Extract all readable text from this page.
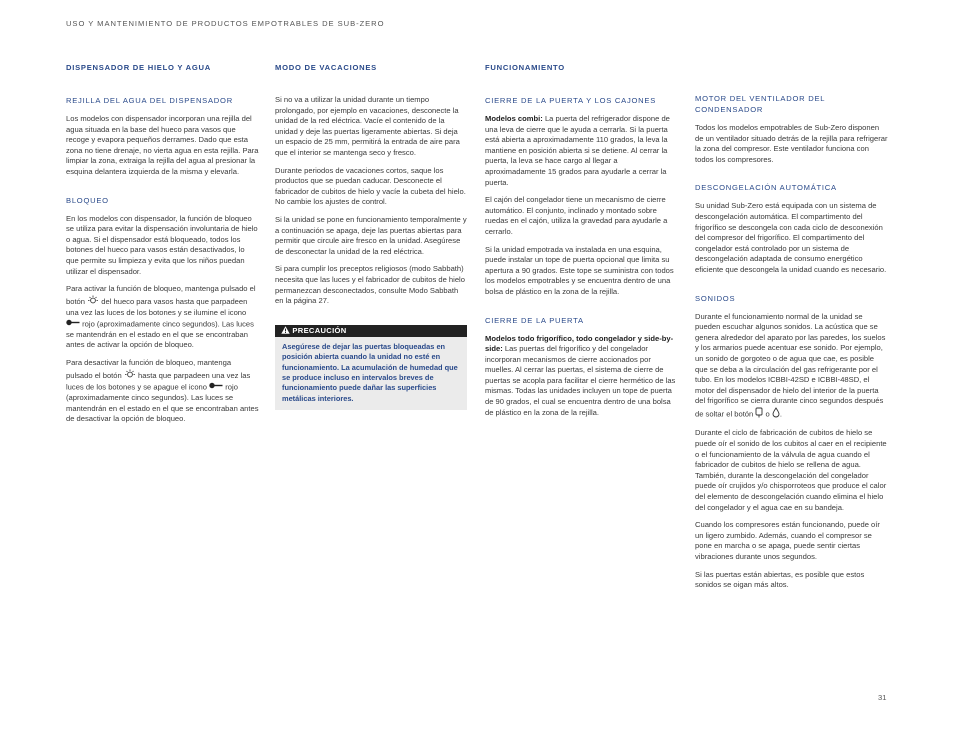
USO Y MANTENIMIENTO DE PRODUCTOS EMPOTRABLES DE SUB-ZERO
DISPENSADOR DE HIELO Y AGUA
REJILLA DEL AGUA DEL DISPENSADOR

Los modelos con dispensador incorporan una rejilla del agua situada en la base del hueco para vasos que recoge y evapora pequeños derrames. Dado que esta zona no tiene drenaje, no vierta agua en esta rejilla. Para limpiar la zona, extraiga la rejilla del agua al presionar la esquina delantera izquierda de la misma y elevarla.

BLOQUEO

En los modelos con dispensador, la función de bloqueo se utiliza para evitar la dispensación involuntaria de hielo o agua. Si el dispensador está bloqueado, todos los botones del hueco para vasos están desactivados, lo que permite su limpieza y evita que los niños puedan utilizar el dispensador.

Para activar la función de bloqueo, mantenga pulsado el botón del hueco para vasos hasta que parpadeen una vez las luces de los botones y se ilumine el icono  rojo (aproximadamente cinco segundos). Las luces se mantendrán en el estado en el que se encontraban antes de activar la opción de bloqueo.

Para desactivar la función de bloqueo, mantenga pulsado el botón hasta que parpadeen una vez las luces de los botones y se apague el icono rojo (aproximadamente cinco segundos). Las luces se mantendrán en el estado en el que se encontraban antes de desactivar la opción de bloqueo.

MODO DE VACACIONES

Si no va a utilizar la unidad durante un tiempo prolongado, por ejemplo en vacaciones, desconecte la unidad de la red eléctrica. Vacíe el contenido de la unidad y deje las puertas ligeramente abiertas. Si deja un espacio de 25 mm, permitirá la entrada de aire para que el interior se mantenga seco y fresco.

Durante periodos de vacaciones cortos, saque los productos que se puedan caducar. Desconecte el fabricador de cubitos de hielo y vacíe la cubeta del hielo. No cambie los ajustes de control.

Si la unidad se pone en funcionamiento temporalmente y a continuación se apaga, deje las puertas abiertas para permitir que circule aire fresco en la unidad. Asegúrese de desconectar la unidad de la red eléctrica.

Si para cumplir los preceptos religiosos (modo Sabbath) necesita que las luces y el fabricador de cubitos de hielo permanezcan desconectados, consulte Modo Sabbath en la página 27.

PRECAUCIÓN
Asegúrese de dejar las puertas bloqueadas en posición abierta cuando la unidad no esté en funcionamiento. La acumulación de humedad que se produce incluso en intervalos breves de funcionamiento puede dañar las superficies metálicas interiores.
FUNCIONAMIENTO
CIERRE DE LA PUERTA Y LOS CAJONES

Modelos combi: La puerta del refrigerador dispone de una leva de cierre que le ayuda a cerrarla. Si la puerta está abierta a aproximadamente 110 grados, la leva la mantiene en posición abierta si se detiene. Al cerrar la puerta, la leva se hace cargo al llegar a aproximadamente 15 grados para ayudarle a cerrar la puerta.

El cajón del congelador tiene un mecanismo de cierre automático. El conjunto, inclinado y montado sobre ruedas en el cajón, utiliza la gravedad para ayudarle a cerrarlo.

Si la unidad empotrada va instalada en una esquina, puede instalar un tope de puerta opcional que limita su apertura a 90 grados. Este tope se suministra con todos los modelos empotrables y se encuentra dentro de una bolsa de plástico en la zona de la rejilla.

CIERRE DE LA PUERTA

Modelos todo frigorífico, todo congelador y side-by-side: Las puertas del frigorífico y del congelador incorporan mecanismos de cierre accionados por muelles. Al cerrar las puertas, el sistema de cierre de puertas se acopla para facilitar el cierre hermético de las mismas. Todas las unidades incluyen un tope de puerta de 90 grados, el cual se encuentra dentro de una bolsa de plástico en la zona de la rejilla.

MOTOR DEL VENTILADOR DEL CONDENSADOR

Todos los modelos empotrables de Sub-Zero disponen de un ventilador situado detrás de la rejilla para refrigerar la zona del compresor. Este ventilador funciona con todos los compresores.

DESCONGELACIÓN AUTOMÁTICA

Su unidad Sub-Zero está equipada con un sistema de descongelación automática. El compartimento del frigorífico se descongela con cada ciclo de desconexión del compresor del frigorífico. El compartimento del congelador está controlado por un sistema de descongelación adaptada de consumo energético eficiente que descongela la unidad cuando es necesario.

SONIDOS

Durante el funcionamiento normal de la unidad se pueden escuchar algunos sonidos. La acústica que se genera alrededor del aparato por las paredes, los suelos y los armarios puede acentuar ese sonido. Por ejemplo, un sonido de gorgoteo o de agua que cae, es posible que se deba a la circulación del gas refrigerante por el tubo. En los modelos ICBBI-42SD e ICBBI-48SD, el motor del dispensador de hielo del interior de la puerta del frigorífico se cierra durante cinco segundos después de soltar el botón o .

Durante el ciclo de fabricación de cubitos de hielo se puede oír el sonido de los cubitos al caer en el recipiente o el funcionamiento de la válvula de agua cuando el fabricador de cubitos de hielo se rellena de agua. También, durante la descongelación del congelador puede oír crujidos y/o chisporroteos que produce el calor del elemento de descongelación cuando elimina el hielo del congelador y el agua cae en su bandeja.

Cuando los compresores están funcionando, puede oír un ligero zumbido. Además, cuando el compresor se pone en marcha o se apaga, puede sentir ciertas vibraciones durante unos segundos.

Si las puertas están abiertas, es posible que estos sonidos se oigan más altos.

31
